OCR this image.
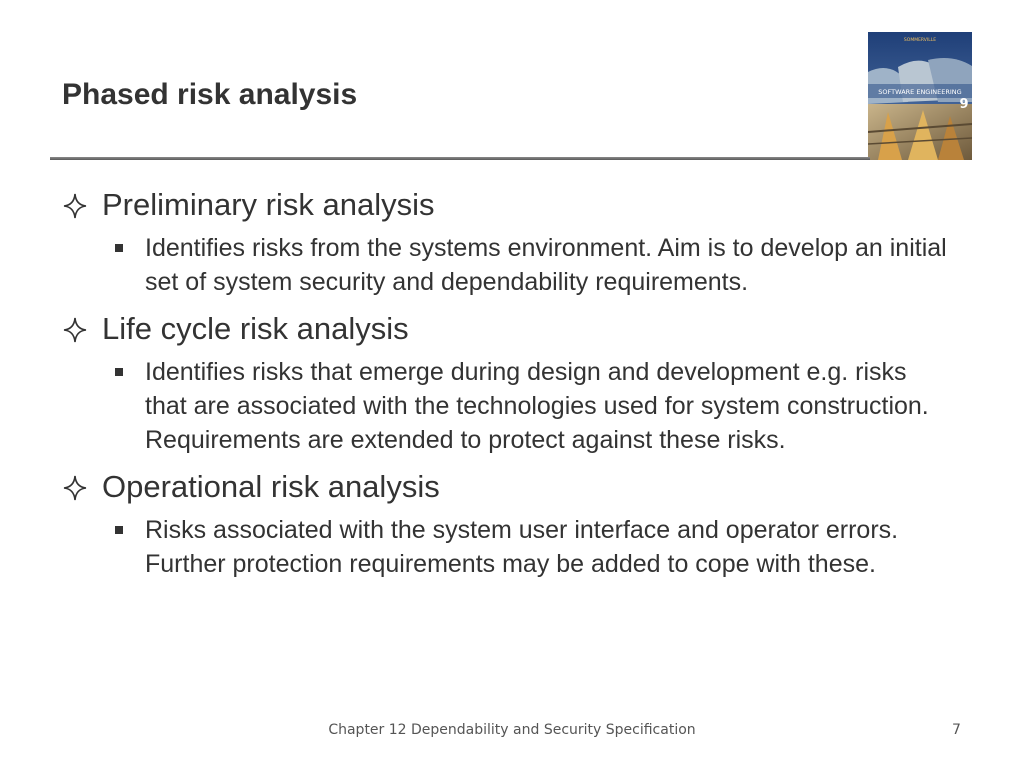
Phased risk analysis	SOFTWARE ENGINEERING
9
SOMMERVILLE
Preliminary risk analysis
Identifies risks from the systems environment. Aim is to develop an initial set of system security and dependability requirements.
Life cycle risk analysis
Identifies risks that emerge during design and development e.g. risks that are associated with the technologies used for system construction. Requirements are extended to protect against these risks.
Operational risk analysis
Risks associated with the system user interface and operator errors. Further protection requirements may be added to cope with these.
Chapter 12 Dependability and Security Specification	7
